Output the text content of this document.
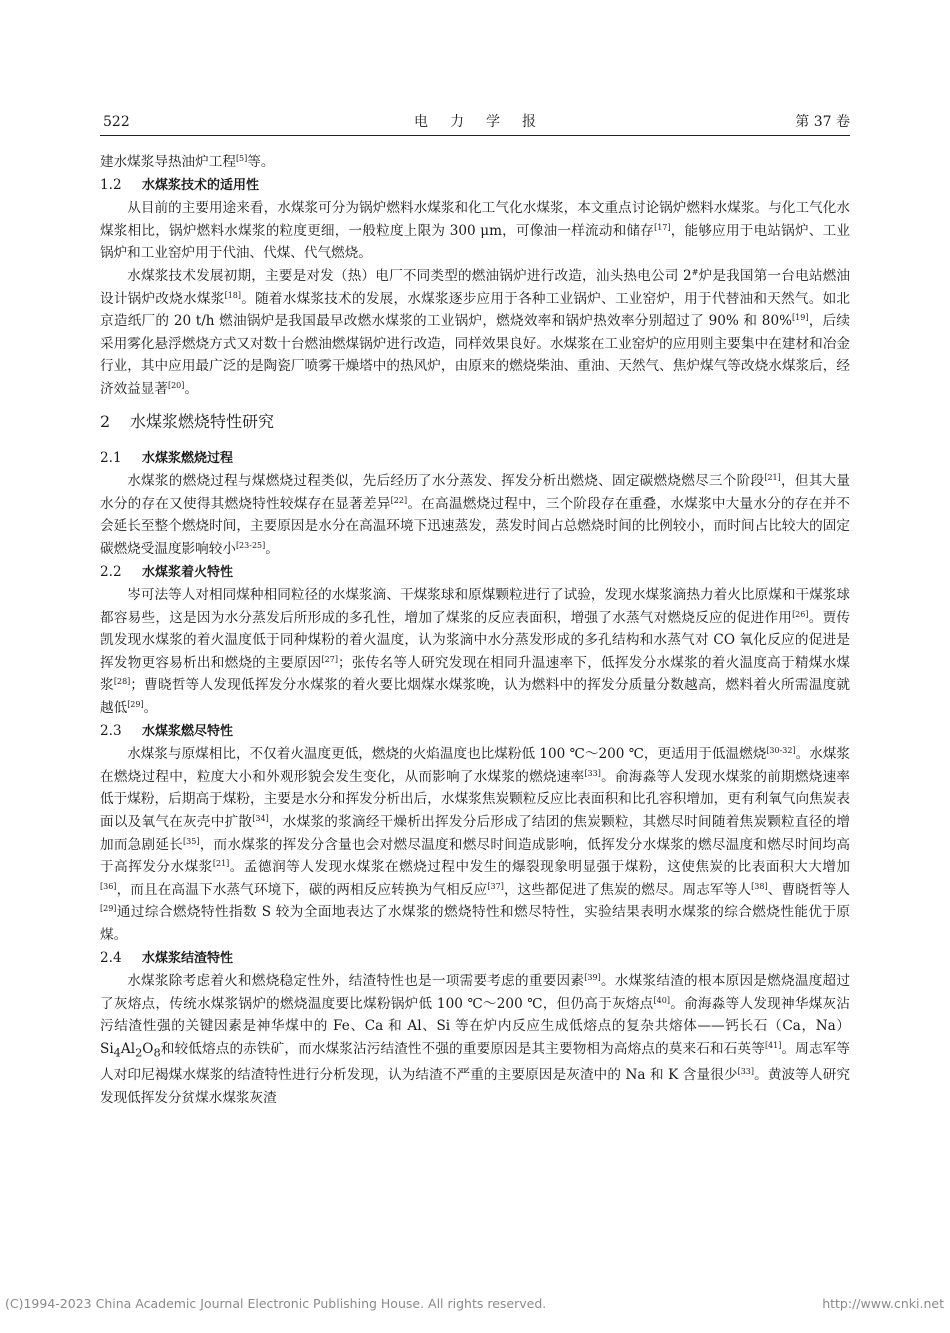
522	电力学报	第 37 卷

建水煤浆导热油炉工程[5]等。

1.2 水煤浆技术的适用性

从目前的主要用途来看，水煤浆可分为锅炉燃料水煤浆和化工气化水煤浆，本文重点讨论锅炉燃料水煤浆。与化工气化水煤浆相比，锅炉燃料水煤浆的粒度更细，一般粒度上限为 300 μm，可像油一样流动和储存[17]，能够应用于电站锅炉、工业锅炉和工业窑炉用于代油、代煤、代气燃烧。

水煤浆技术发展初期，主要是对发（热）电厂不同类型的燃油锅炉进行改造，汕头热电公司 2#炉是我国第一台电站燃油设计锅炉改烧水煤浆[18]。随着水煤浆技术的发展，水煤浆逐步应用于各种工业锅炉、工业窑炉，用于代替油和天然气。如北京造纸厂的 20 t/h 燃油锅炉是我国最早改燃水煤浆的工业锅炉，燃烧效率和锅炉热效率分别超过了 90% 和 80%[19]，后续采用雾化悬浮燃烧方式又对数十台燃油燃煤锅炉进行改造，同样效果良好。水煤浆在工业窑炉的应用则主要集中在建材和冶金行业，其中应用最广泛的是陶瓷厂喷雾干燥塔中的热风炉，由原来的燃烧柴油、重油、天然气、焦炉煤气等改烧水煤浆后，经济效益显著[20]。

2 水煤浆燃烧特性研究
2.1 水煤浆燃烧过程

水煤浆的燃烧过程与煤燃烧过程类似，先后经历了水分蒸发、挥发分析出燃烧、固定碳燃烧燃尽三个阶段[21]，但其大量水分的存在又使得其燃烧特性较煤存在显著差异[22]。在高温燃烧过程中，三个阶段存在重叠，水煤浆中大量水分的存在并不会延长至整个燃烧时间，主要原因是水分在高温环境下迅速蒸发，蒸发时间占总燃烧时间的比例较小，而时间占比较大的固定碳燃烧受温度影响较小[23-25]。

2.2 水煤浆着火特性

岑可法等人对相同煤种相同粒径的水煤浆滴、干煤浆球和原煤颗粒进行了试验，发现水煤浆滴热力着火比原煤和干煤浆球都容易些，这是因为水分蒸发后所形成的多孔性，增加了煤浆的反应表面积，增强了水蒸气对燃烧反应的促进作用[26]。贾传凯发现水煤浆的着火温度低于同种煤粉的着火温度，认为浆滴中水分蒸发形成的多孔结构和水蒸气对 CO 氧化反应的促进是挥发物更容易析出和燃烧的主要原因[27]；张传名等人研究发现在相同升温速率下，低挥发分水煤浆的着火温度高于精煤水煤浆[28]；曹晓哲等人发现低挥发分水煤浆的着火要比烟煤水煤浆晚，认为燃料中的挥发分质量分数越高，燃料着火所需温度就越低[29]。

2.3 水煤浆燃尽特性

水煤浆与原煤相比，不仅着火温度更低，燃烧的火焰温度也比煤粉低 100 ℃～200 ℃，更适用于低温燃烧[30-32]。水煤浆在燃烧过程中，粒度大小和外观形貌会发生变化，从而影响了水煤浆的燃烧速率[33]。俞海淼等人发现水煤浆的前期燃烧速率低于煤粉，后期高于煤粉，主要是水分和挥发分析出后，水煤浆焦炭颗粒反应比表面积和比孔容积增加，更有利氧气向焦炭表面以及氧气在灰壳中扩散[34]，水煤浆的浆滴经干燥析出挥发分后形成了结团的焦炭颗粒，其燃尽时间随着焦炭颗粒直径的增加而急剧延长[35]，而水煤浆的挥发分含量也会对燃尽温度和燃尽时间造成影响，低挥发分水煤浆的燃尽温度和燃尽时间均高于高挥发分水煤浆[21]。孟德润等人发现水煤浆在燃烧过程中发生的爆裂现象明显强于煤粉，这使焦炭的比表面积大大增加[36]，而且在高温下水蒸气环境下，碳的两相反应转换为气相反应[37]，这些都促进了焦炭的燃尽。周志军等人[38]、曹晓哲等人[29]通过综合燃烧特性指数 S 较为全面地表达了水煤浆的燃烧特性和燃尽特性，实验结果表明水煤浆的综合燃烧性能优于原煤。

2.4 水煤浆结渣特性

水煤浆除考虑着火和燃烧稳定性外，结渣特性也是一项需要考虑的重要因素[39]。水煤浆结渣的根本原因是燃烧温度超过了灰熔点，传统水煤浆锅炉的燃烧温度要比煤粉锅炉低 100 ℃～200 ℃，但仍高于灰熔点[40]。俞海淼等人发现神华煤灰沾污结渣性强的关键因素是神华煤中的 Fe、Ca 和 Al、Si 等在炉内反应生成低熔点的复杂共熔体——钙长石（Ca，$Na)Si_4Al_2O_8$和较低熔点的赤铁矿，而水煤浆沾污结渣性不强的重要原因是其主要物相为高熔点的莫来石和石英等[41]。周志军等人对印尼褐煤水煤浆的结渣特性进行分析发现，认为结渣不严重的主要原因是灰渣中的 Na 和 K 含量很少[33]。黄波等人研究发现低挥发分贫煤水煤浆灰渣

(C)1994-2023 China Academic Journal Electronic Publishing House. All rights reserved.	http://www.cnki.net
